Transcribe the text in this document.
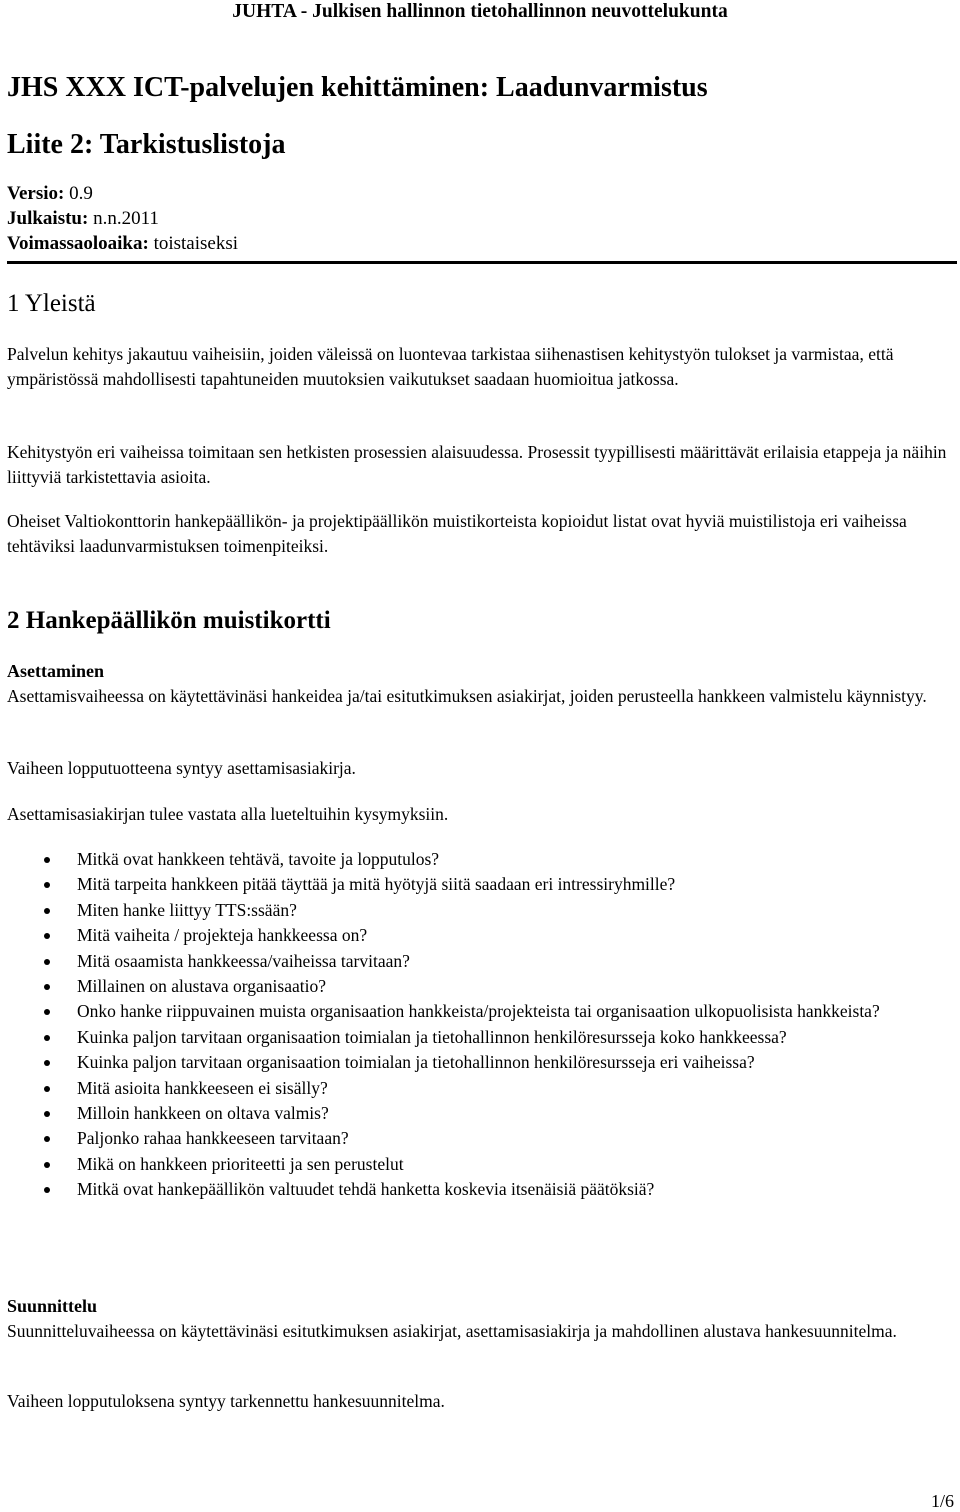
JUHTA - Julkisen hallinnon tietohallinnon neuvottelukunta
JHS XXX ICT-palvelujen kehittäminen: Laadunvarmistus
Liite 2: Tarkistuslistoja
Versio: 0.9
Julkaistu: n.n.2011
Voimassaoloaika: toistaiseksi
1 Yleistä

Palvelun kehitys jakautuu vaiheisiin, joiden väleissä on luontevaa tarkistaa siihenastisen kehitystyön tulokset ja varmistaa, että ympäristössä mahdollisesti tapahtuneiden muutoksien vaikutukset saadaan huomioitua jatkossa.

Kehitystyön eri vaiheissa toimitaan sen hetkisten prosessien alaisuudessa. Prosessit tyypillisesti määrittävät erilaisia etappeja ja näihin liittyviä tarkistettavia asioita.

Oheiset Valtiokonttorin hankepäällikön- ja projektipäällikön muistikorteista kopioidut listat ovat hyviä muistilistoja eri vaiheissa tehtäviksi laadunvarmistuksen toimenpiteiksi.

2 Hankepäällikön muistikortti
Asettaminen

Asettamisvaiheessa on käytettävinäsi hankeidea ja/tai esitutkimuksen asiakirjat, joiden perusteella hankkeen valmistelu käynnistyy.

Vaiheen lopputuotteena syntyy asettamisasiakirja.

Asettamisasiakirjan tulee vastata alla lueteltuihin kysymyksiin.

Mitkä ovat hankkeen tehtävä, tavoite ja lopputulos?
Mitä tarpeita hankkeen pitää täyttää ja mitä hyötyjä siitä saadaan eri intressiryhmille?
Miten hanke liittyy TTS:ssään?
Mitä vaiheita / projekteja hankkeessa on?
Mitä osaamista hankkeessa/vaiheissa tarvitaan?
Millainen on alustava organisaatio?
Onko hanke riippuvainen muista organisaation hankkeista/projekteista tai organisaation ulkopuolisista hankkeista?
Kuinka paljon tarvitaan organisaation toimialan ja tietohallinnon henkilöresursseja koko hankkeessa?
Kuinka paljon tarvitaan organisaation toimialan ja tietohallinnon henkilöresursseja eri vaiheissa?
Mitä asioita hankkeeseen ei sisälly?
Milloin hankkeen on oltava valmis?
Paljonko rahaa hankkeeseen tarvitaan?
Mikä on hankkeen prioriteetti ja sen perustelut
Mitkä ovat hankepäällikön valtuudet tehdä hanketta koskevia itsenäisiä päätöksiä?
Suunnittelu

Suunnitteluvaiheessa on käytettävinäsi esitutkimuksen asiakirjat, asettamisasiakirja ja mahdollinen alustava hankesuunnitelma.

Vaiheen lopputuloksena syntyy tarkennettu hankesuunnitelma.

1/6
